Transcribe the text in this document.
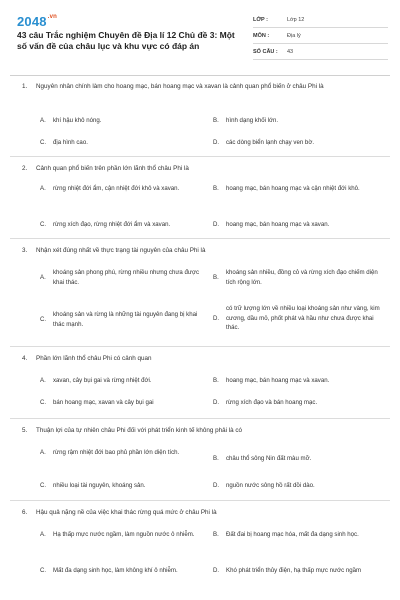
$2048^{.vn}$
43 câu Trắc nghiệm Chuyên đề Địa lí 12 Chủ đề 3: Một số vấn đề của châu lục và khu vực có đáp án
LỚP :	Lớp 12
MÔN :	Địa lý
SỐ CÂU :	43
1.	Nguyên nhân chính làm cho hoang mạc, bán hoang mạc và xavan là cảnh quan phổ biến ở châu Phi là
A.	khí hậu khô nóng.	B.	hình dạng khối lớn.
C.	địa hình cao.	D.	các dòng biển lạnh chạy ven bờ.
2.	Cảnh quan phổ biến trên phần lớn lãnh thổ châu Phi là
A.	rừng nhiệt đới ẩm, cận nhiệt đới khô và xavan.	B.	hoang mạc, bán hoang mạc và cận nhiệt đới khô.
C.	rừng xích đạo, rừng nhiệt đới ẩm và xavan.	D.	hoang mạc, bán hoang mạc và xavan.
3.	Nhận xét đúng nhất về thực trạng tài nguyên của châu Phi là
A.
khoáng sản phong phú, rừng nhiều nhưng chưa được khai thác.
B.
khoáng sản nhiều, đồng cỏ và rừng xích đạo chiếm diện tích rộng lớn.
C.
khoáng sản và rừng là những tài nguyên đang bị khai thác mạnh.
D.
có trữ lượng lớn về nhiều loại khoáng sản như vàng, kim cương, dầu mỏ, phốt phát và hầu như chưa được khai thác.
4.	Phần lớn lãnh thổ châu Phi có cảnh quan
A.	xavan, cây bụi gai và rừng nhiệt đới.	B.	hoang mạc, bán hoang mạc và xavan.
C.	bán hoang mạc, xavan và cây bụi gai	D.	rừng xích đạo và bán hoang mạc.
5.	Thuận lợi của tự nhiên châu Phi đối với phát triển kinh tế không phải là có
A.	rừng rậm nhiệt đới bao phủ phần lớn diện tích.
B.	châu thổ sông Nin đất màu mỡ.
C.	nhiều loại tài nguyên, khoáng sản.	D.	nguồn nước sông hồ rất dồi dào.
6.	Hậu quả nặng nề của việc khai thác rừng quá mức ở châu Phi là
A.	Hạ thấp mực nước ngầm, làm nguồn nước ô nhiễm.	B.	Đất đai bị hoang mạc hóa, mất đa dạng sinh học.
C.	Mất đa dạng sinh học, làm không khí ô nhiễm.	D.	Khó phát triển thủy điện, hạ thấp mực nước ngầm
